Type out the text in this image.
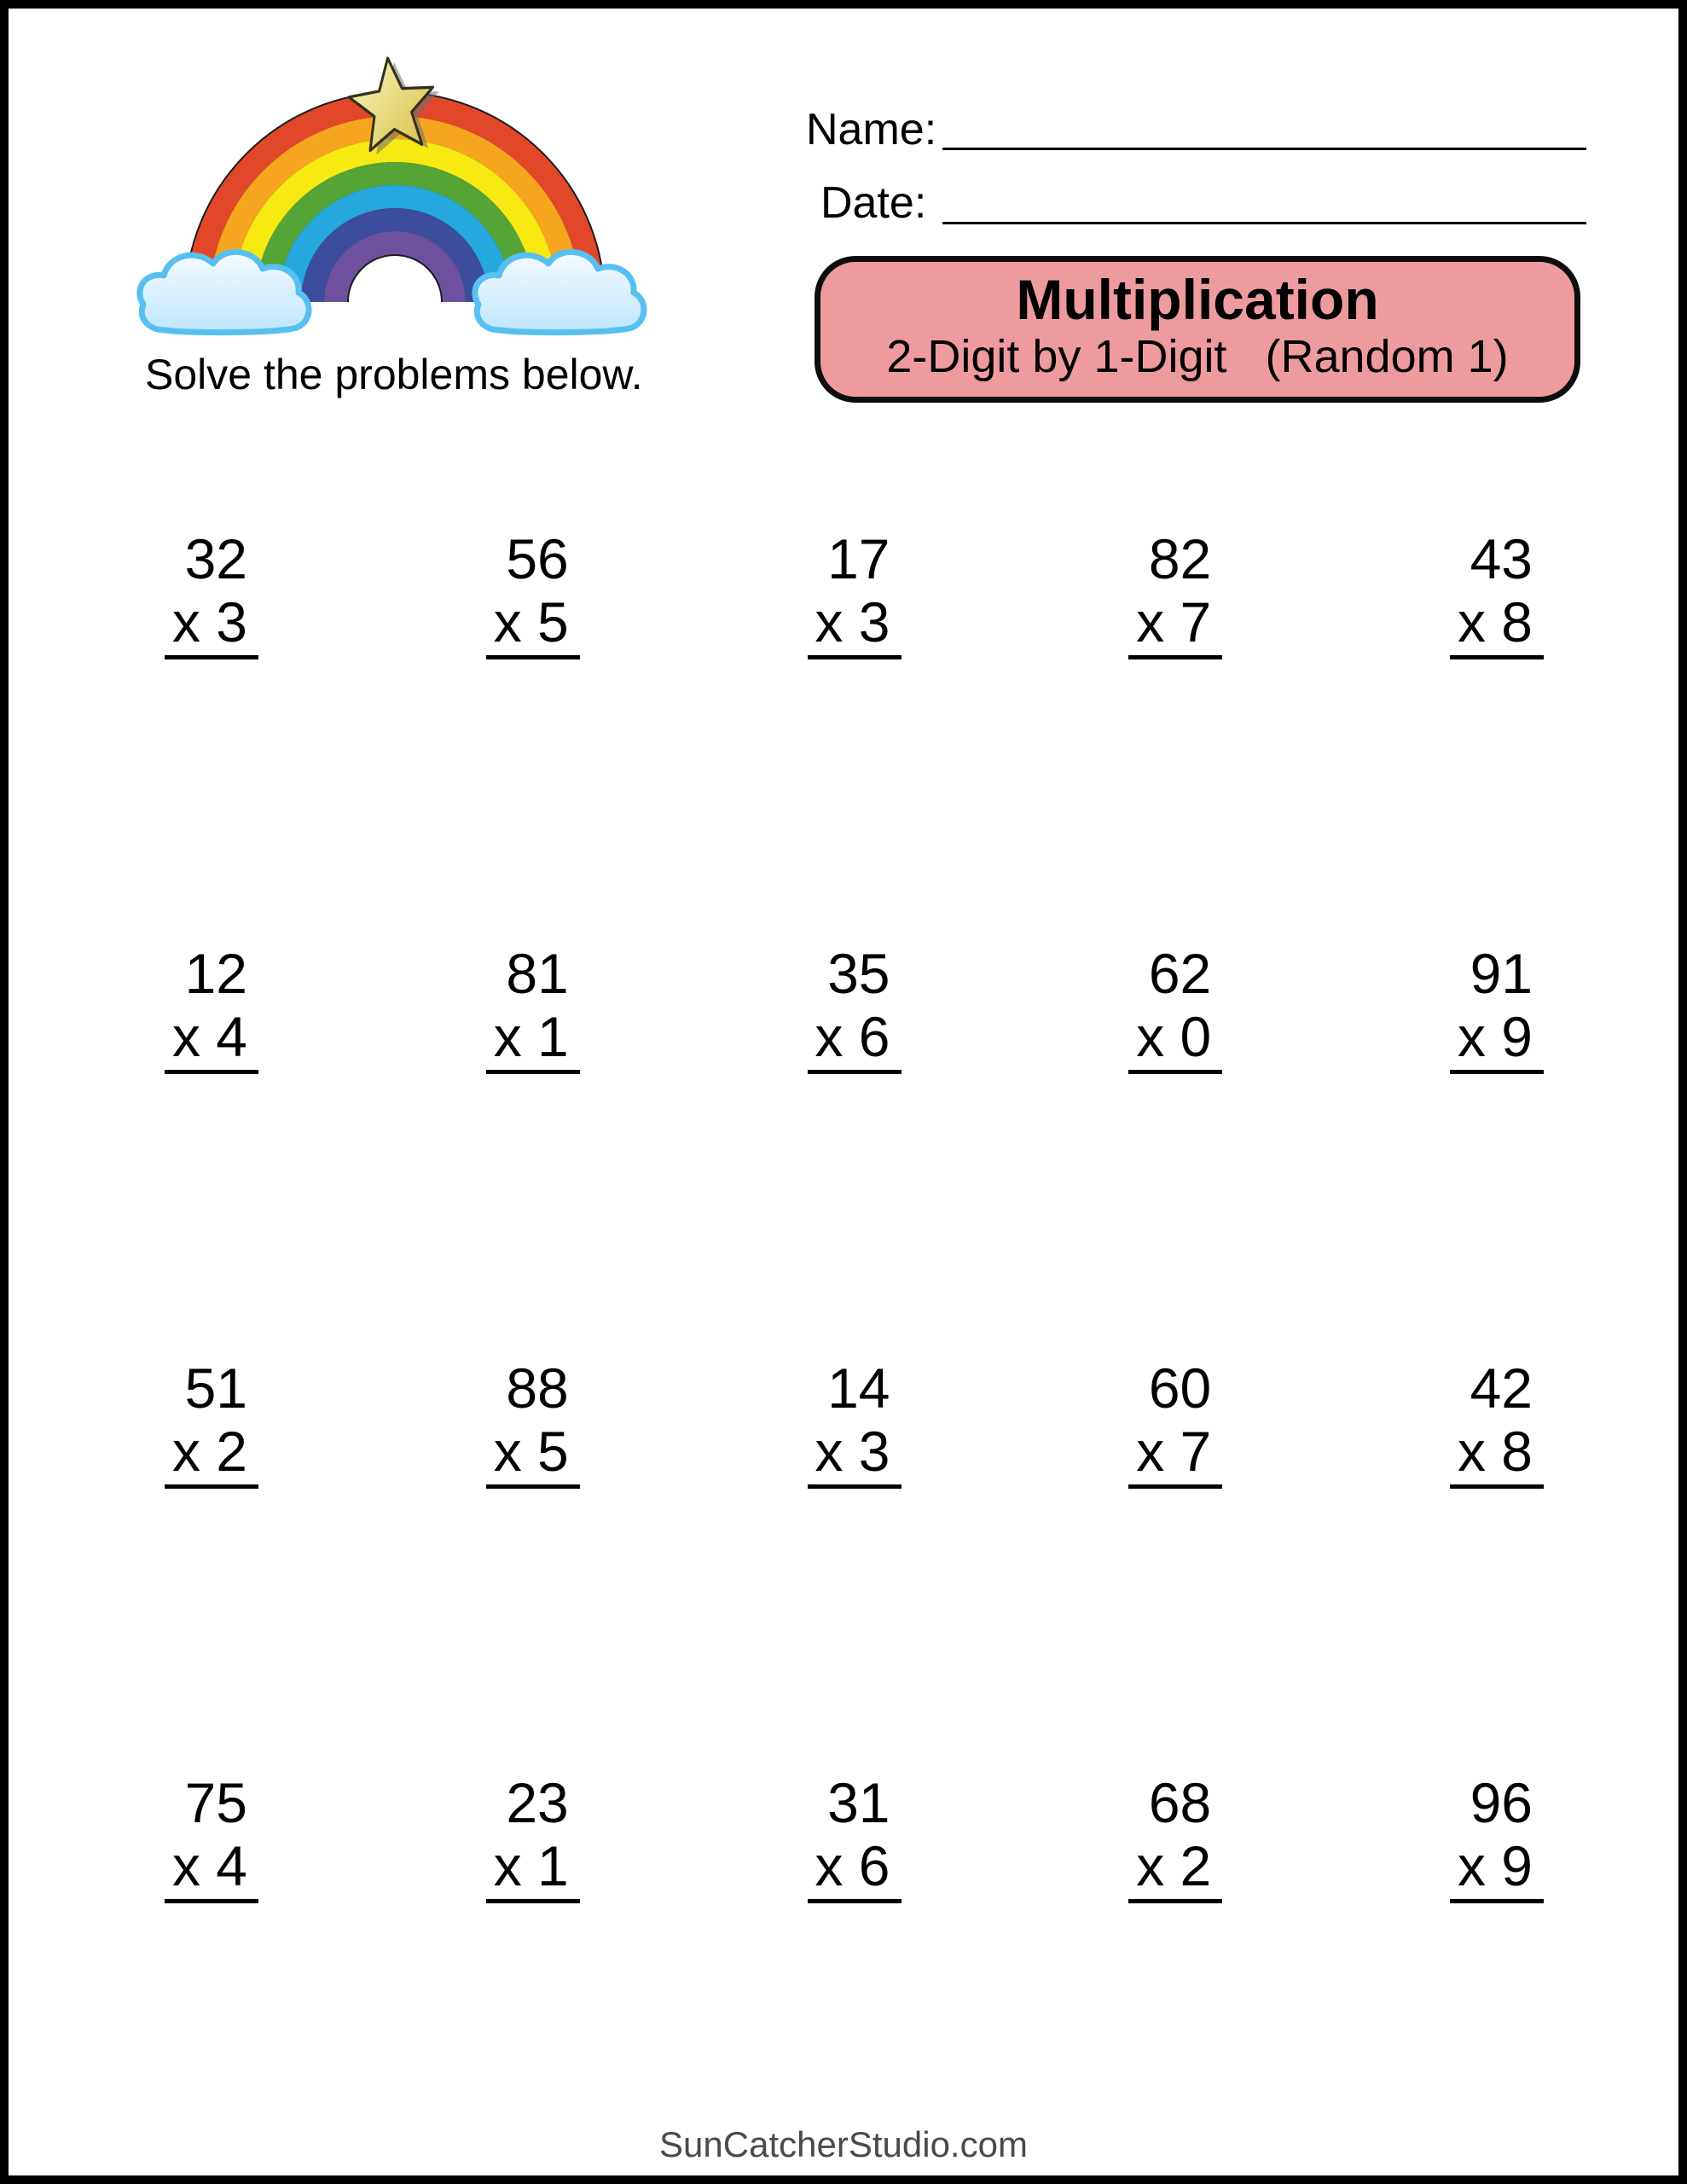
Solve the problems below.
Name:
Date:
Multiplication
2-Digit by 1-Digit (Random 1)
32
x 3
56
x 5
17
x 3
82
x 7
43
x 8
12
x 4
81
x 1
35
x 6
62
x 0
91
x 9
51
x 2
88
x 5
14
x 3
60
x 7
42
x 8
75
x 4
23
x 1
31
x 6
68
x 2
96
x 9
SunCatcherStudio.com
